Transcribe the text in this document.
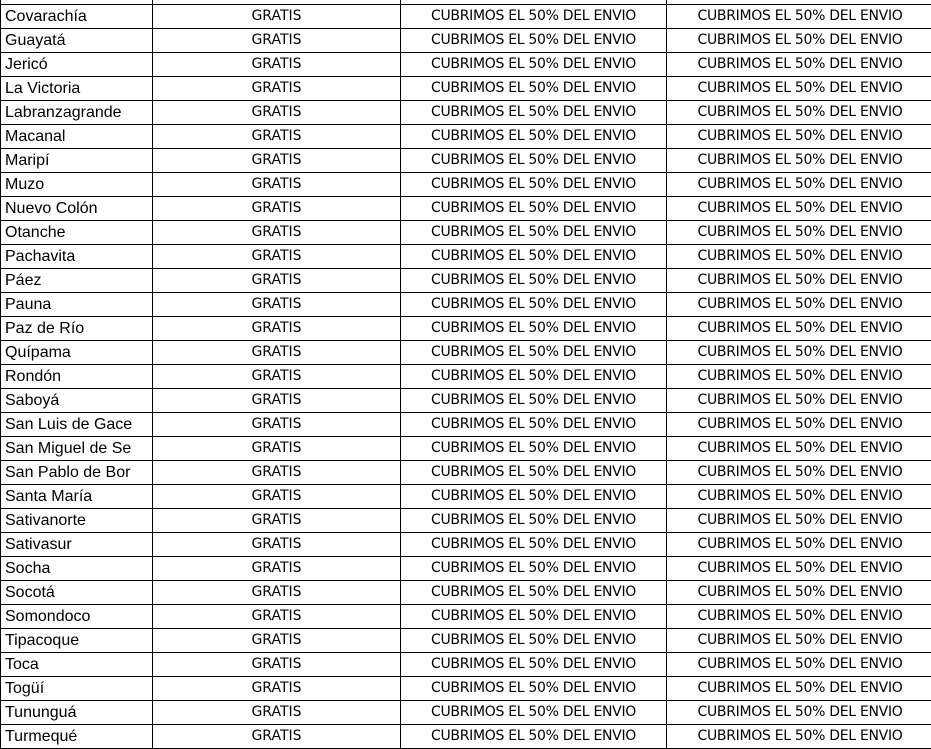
Covarachía	GRATIS	CUBRIMOS EL 50% DEL ENVIO	CUBRIMOS EL 50% DEL ENVIO
Guayatá	GRATIS	CUBRIMOS EL 50% DEL ENVIO	CUBRIMOS EL 50% DEL ENVIO
Jericó	GRATIS	CUBRIMOS EL 50% DEL ENVIO	CUBRIMOS EL 50% DEL ENVIO
La Victoria	GRATIS	CUBRIMOS EL 50% DEL ENVIO	CUBRIMOS EL 50% DEL ENVIO
Labranzagrande	GRATIS	CUBRIMOS EL 50% DEL ENVIO	CUBRIMOS EL 50% DEL ENVIO
Macanal	GRATIS	CUBRIMOS EL 50% DEL ENVIO	CUBRIMOS EL 50% DEL ENVIO
Maripí	GRATIS	CUBRIMOS EL 50% DEL ENVIO	CUBRIMOS EL 50% DEL ENVIO
Muzo	GRATIS	CUBRIMOS EL 50% DEL ENVIO	CUBRIMOS EL 50% DEL ENVIO
Nuevo Colón	GRATIS	CUBRIMOS EL 50% DEL ENVIO	CUBRIMOS EL 50% DEL ENVIO
Otanche	GRATIS	CUBRIMOS EL 50% DEL ENVIO	CUBRIMOS EL 50% DEL ENVIO
Pachavita	GRATIS	CUBRIMOS EL 50% DEL ENVIO	CUBRIMOS EL 50% DEL ENVIO
Páez	GRATIS	CUBRIMOS EL 50% DEL ENVIO	CUBRIMOS EL 50% DEL ENVIO
Pauna	GRATIS	CUBRIMOS EL 50% DEL ENVIO	CUBRIMOS EL 50% DEL ENVIO
Paz de Río	GRATIS	CUBRIMOS EL 50% DEL ENVIO	CUBRIMOS EL 50% DEL ENVIO
Quípama	GRATIS	CUBRIMOS EL 50% DEL ENVIO	CUBRIMOS EL 50% DEL ENVIO
Rondón	GRATIS	CUBRIMOS EL 50% DEL ENVIO	CUBRIMOS EL 50% DEL ENVIO
Saboyá	GRATIS	CUBRIMOS EL 50% DEL ENVIO	CUBRIMOS EL 50% DEL ENVIO
San Luis de Gace	GRATIS	CUBRIMOS EL 50% DEL ENVIO	CUBRIMOS EL 50% DEL ENVIO
San Miguel de Se	GRATIS	CUBRIMOS EL 50% DEL ENVIO	CUBRIMOS EL 50% DEL ENVIO
San Pablo de Bor	GRATIS	CUBRIMOS EL 50% DEL ENVIO	CUBRIMOS EL 50% DEL ENVIO
Santa María	GRATIS	CUBRIMOS EL 50% DEL ENVIO	CUBRIMOS EL 50% DEL ENVIO
Sativanorte	GRATIS	CUBRIMOS EL 50% DEL ENVIO	CUBRIMOS EL 50% DEL ENVIO
Sativasur	GRATIS	CUBRIMOS EL 50% DEL ENVIO	CUBRIMOS EL 50% DEL ENVIO
Socha	GRATIS	CUBRIMOS EL 50% DEL ENVIO	CUBRIMOS EL 50% DEL ENVIO
Socotá	GRATIS	CUBRIMOS EL 50% DEL ENVIO	CUBRIMOS EL 50% DEL ENVIO
Somondoco	GRATIS	CUBRIMOS EL 50% DEL ENVIO	CUBRIMOS EL 50% DEL ENVIO
Tipacoque	GRATIS	CUBRIMOS EL 50% DEL ENVIO	CUBRIMOS EL 50% DEL ENVIO
Toca	GRATIS	CUBRIMOS EL 50% DEL ENVIO	CUBRIMOS EL 50% DEL ENVIO
Togüí	GRATIS	CUBRIMOS EL 50% DEL ENVIO	CUBRIMOS EL 50% DEL ENVIO
Tununguá	GRATIS	CUBRIMOS EL 50% DEL ENVIO	CUBRIMOS EL 50% DEL ENVIO
Turmequé	GRATIS	CUBRIMOS EL 50% DEL ENVIO	CUBRIMOS EL 50% DEL ENVIO
